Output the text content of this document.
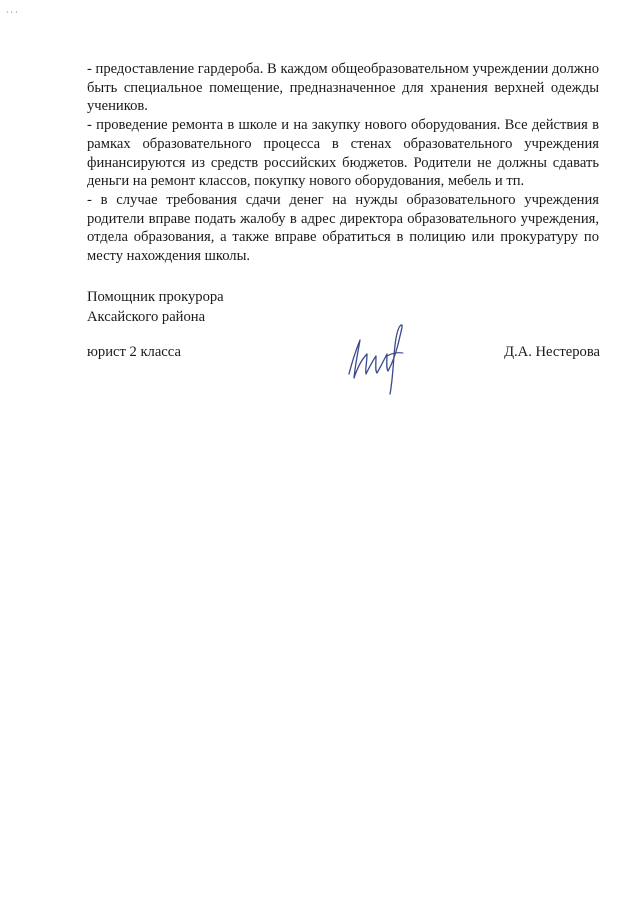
ʻʻʻ

- предоставление гардероба. В каждом общеобразовательном учреждении должно быть специальное помещение, предназначенное для хранения верхней одежды учеников.

- проведение ремонта в школе и на закупку нового оборудования. Все действия в рамках образовательного процесса в стенах образовательного учреждения финансируются из средств российских бюджетов. Родители не должны сдавать деньги на ремонт классов, покупку нового оборудования, мебель и тп.

- в случае требования сдачи денег на нужды образовательного учреждения родители вправе подать жалобу в адрес директора образовательного учреждения, отдела образования, а также вправе обратиться в полицию или прокуратуру по месту нахождения школы.

Помощник прокурора
Аксайского района
юрист 2 класса	Д.А. Нестерова
